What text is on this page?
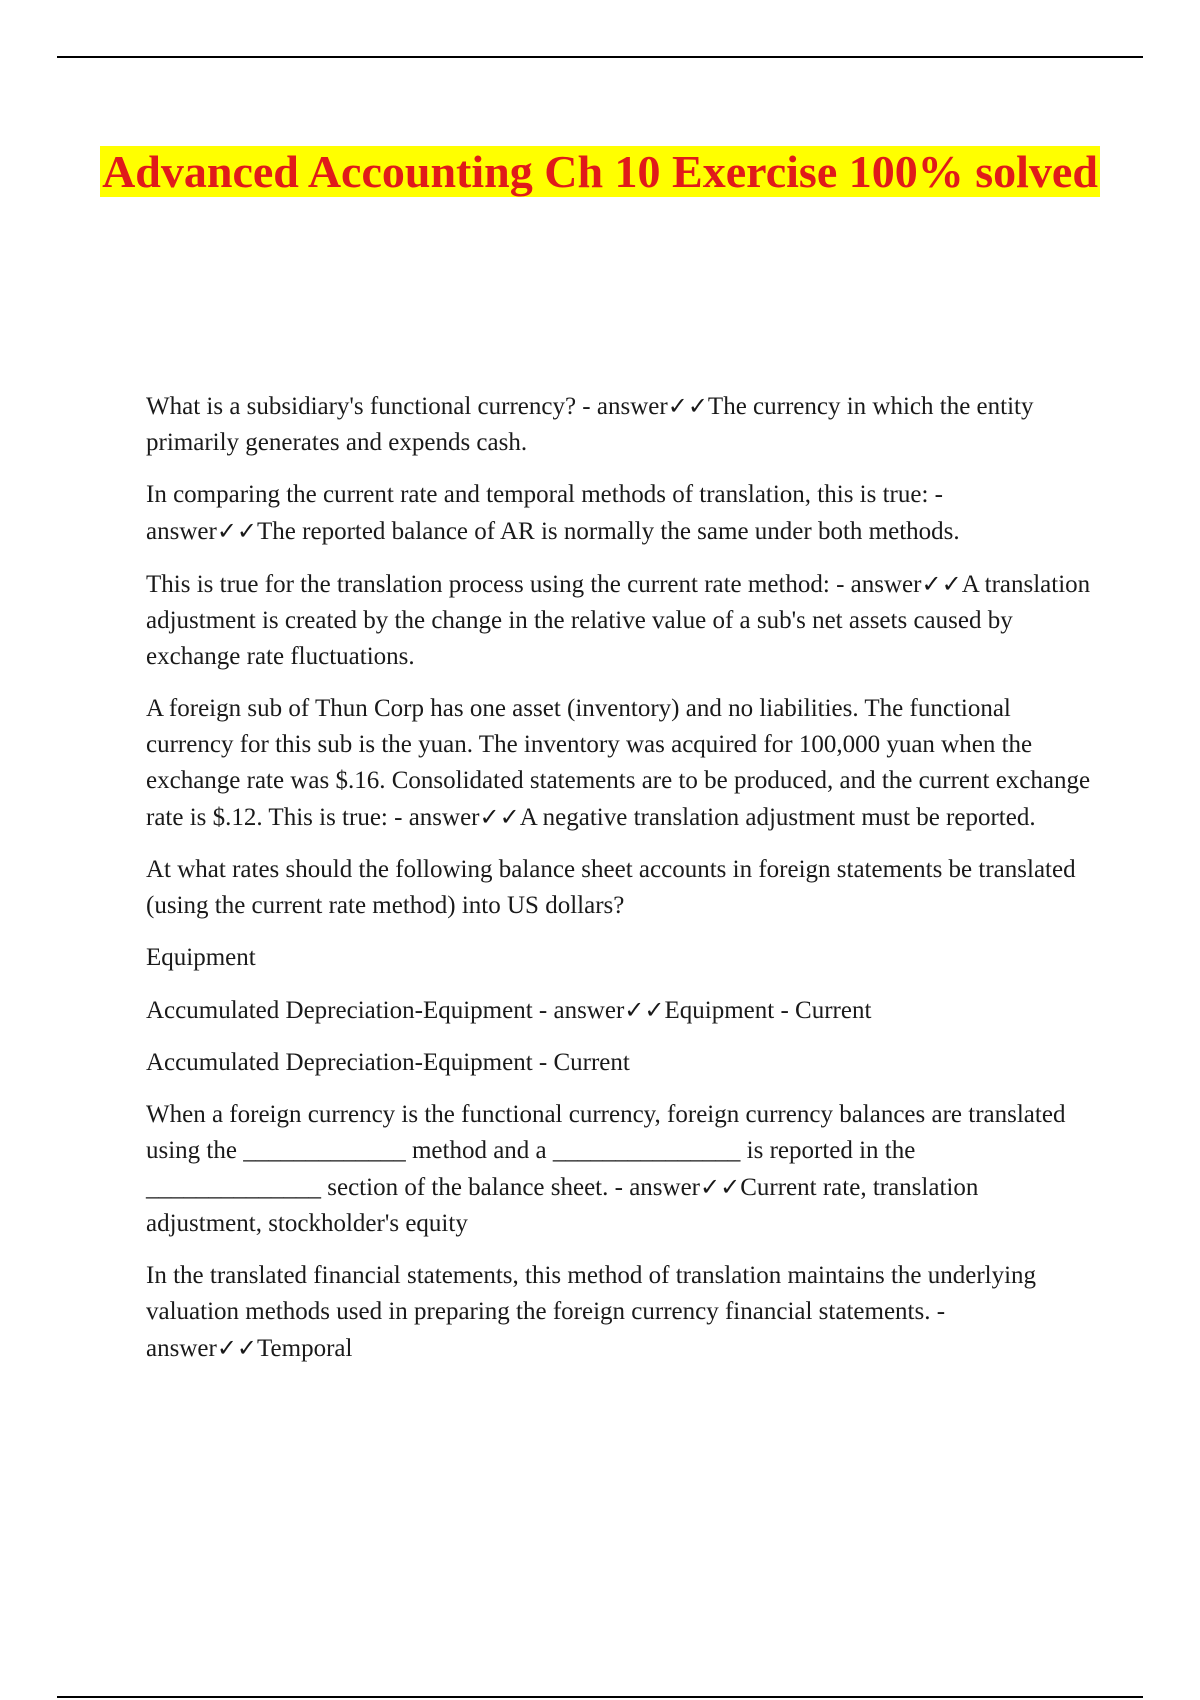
Advanced Accounting Ch 10 Exercise 100% solved

What is a subsidiary's functional currency? - answer✓✓The currency in which the entity primarily generates and expends cash.

In comparing the current rate and temporal methods of translation, this is true: - answer✓✓The reported balance of AR is normally the same under both methods.

This is true for the translation process using the current rate method: - answer✓✓A translation adjustment is created by the change in the relative value of a sub's net assets caused by exchange rate fluctuations.

A foreign sub of Thun Corp has one asset (inventory) and no liabilities. The functional currency for this sub is the yuan. The inventory was acquired for 100,000 yuan when the exchange rate was $.16. Consolidated statements are to be produced, and the current exchange rate is $.12. This is true: - answer✓✓A negative translation adjustment must be reported.

At what rates should the following balance sheet accounts in foreign statements be translated (using the current rate method) into US dollars?

Equipment

Accumulated Depreciation-Equipment - answer✓✓Equipment - Current

Accumulated Depreciation-Equipment - Current

When a foreign currency is the functional currency, foreign currency balances are translated using the _____________ method and a _______________ is reported in the ______________ section of the balance sheet. - answer✓✓Current rate, translation adjustment, stockholder's equity

In the translated financial statements, this method of translation maintains the underlying valuation methods used in preparing the foreign currency financial statements. - answer✓✓Temporal
